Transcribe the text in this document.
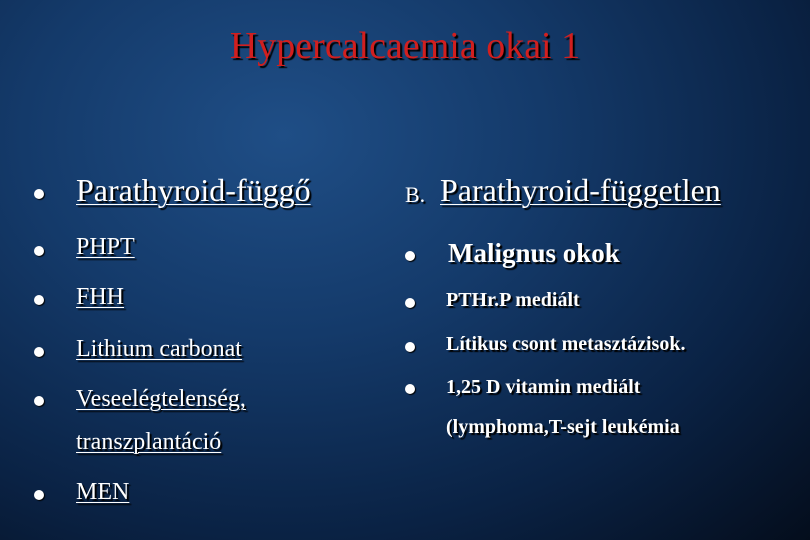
Hypercalcaemia okai 1
Parathyroid-függő
PHPT
FHH
Lithium carbonat
Veseelégtelenség,
transzplantáció
MEN
B. Parathyroid-független
Malignus okok
PTHr.P mediált
Lítikus csont metasztázisok.
1,25 D vitamin mediált
(lymphoma,T-sejt leukémia
